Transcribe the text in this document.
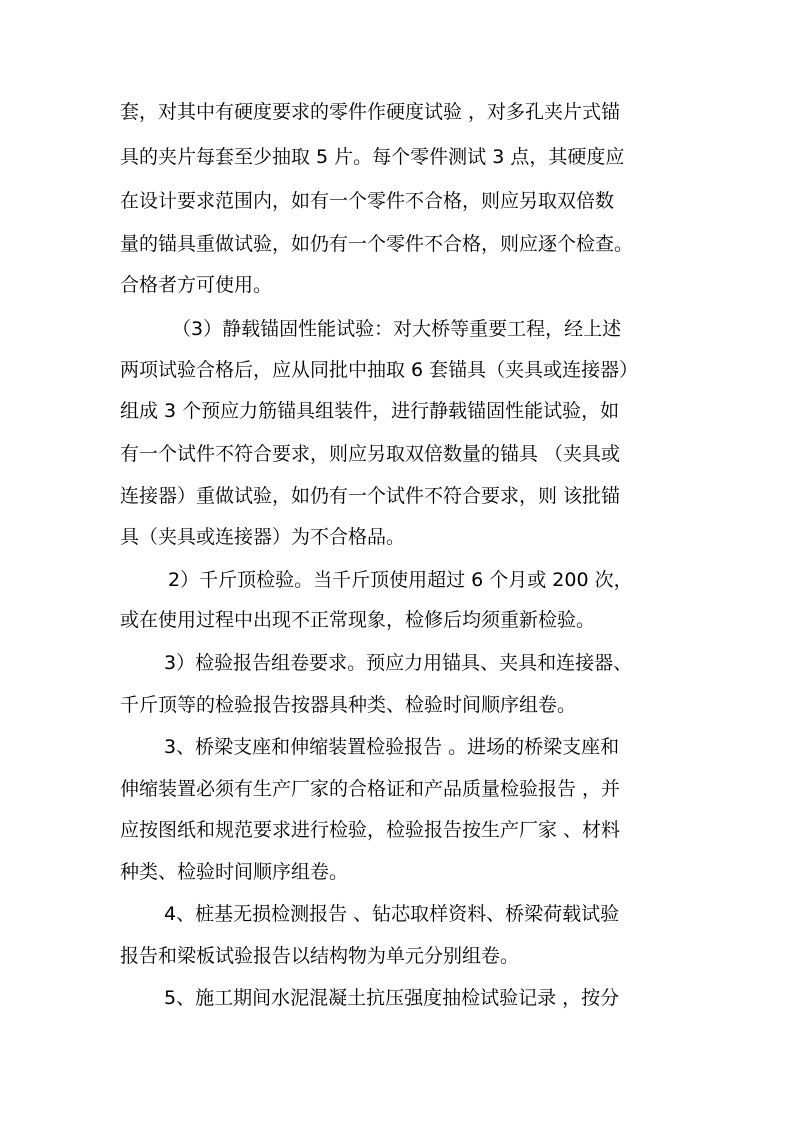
套，对其中有硬度要求的零件作硬度试验 ，对多孔夹片式锚

具的夹片每套至少抽取 5 片。每个零件测试 3 点，其硬度应

在设计要求范围内，如有一个零件不合格，则应另取双倍数

量的锚具重做试验，如仍有一个零件不合格，则应逐个检查。

合格者方可使用。

（3）静载锚固性能试验：对大桥等重要工程，经上述

两项试验合格后，应从同批中抽取 6 套锚具（夹具或连接器）

组成 3 个预应力筋锚具组装件，进行静载锚固性能试验，如

有一个试件不符合要求，则应另取双倍数量的锚具 （夹具或

连接器）重做试验，如仍有一个试件不符合要求，则 该批锚

具（夹具或连接器）为不合格品。

2）千斤顶检验。当千斤顶使用超过 6 个月或 200 次，

或在使用过程中出现不正常现象，检修后均须重新检验。

3）检验报告组卷要求。预应力用锚具、夹具和连接器、

千斤顶等的检验报告按器具种类、检验时间顺序组卷。

3、桥梁支座和伸缩装置检验报告 。进场的桥梁支座和

伸缩装置必须有生产厂家的合格证和产品质量检验报告 ，并

应按图纸和规范要求进行检验，检验报告按生产厂家 、材料

种类、检验时间顺序组卷。

4、桩基无损检测报告 、钻芯取样资料、桥梁荷载试验

报告和梁板试验报告以结构物为单元分别组卷。

5、施工期间水泥混凝土抗压强度抽检试验记录 ，按分
